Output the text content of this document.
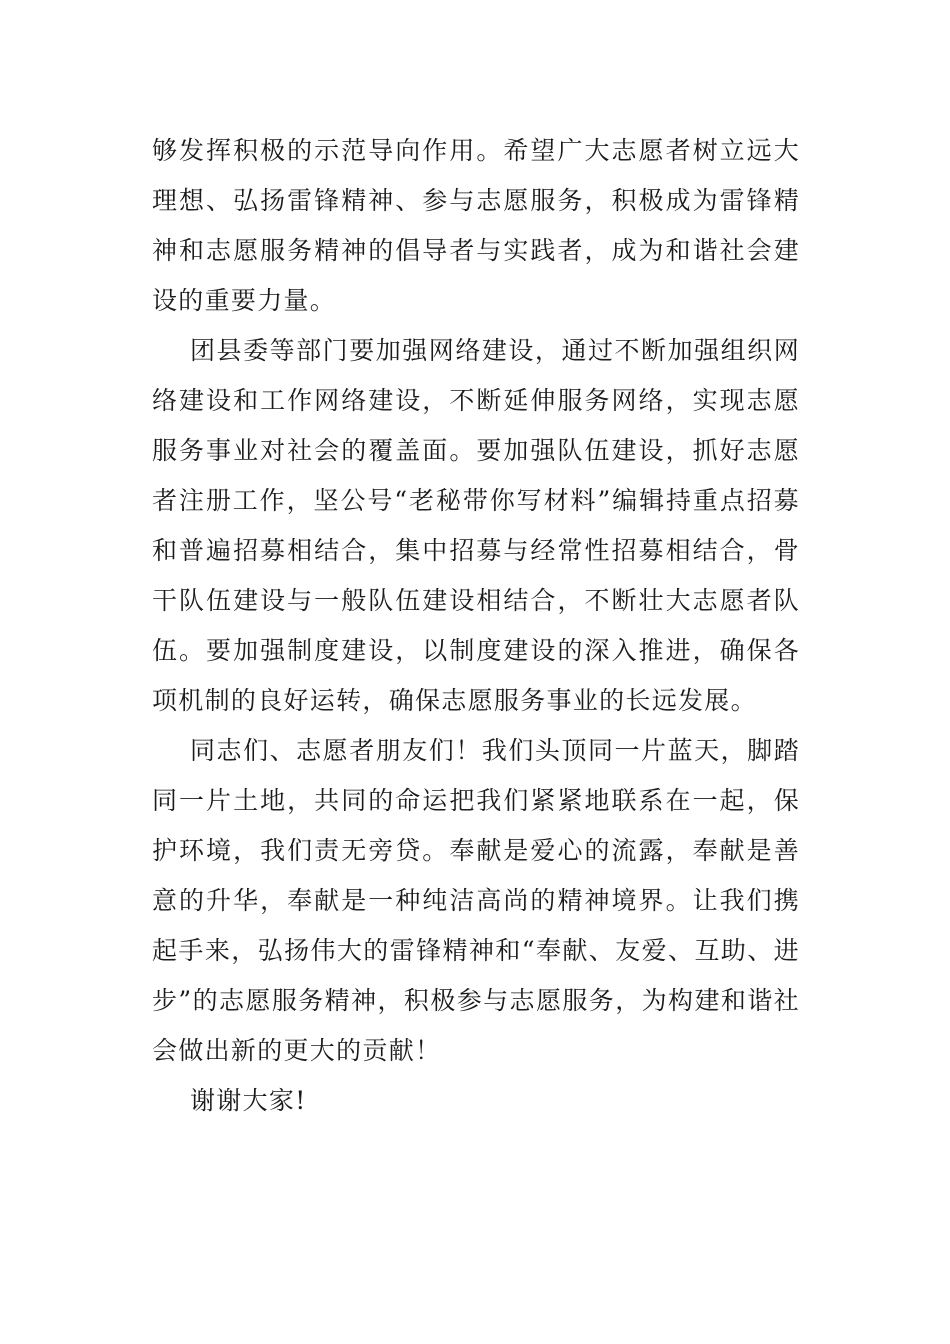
够发挥积极的示范导向作用。希望广大志愿者树立远大理想、弘扬雷锋精神、参与志愿服务，积极成为雷锋精神和志愿服务精神的倡导者与实践者，成为和谐社会建设的重要力量。

团县委等部门要加强网络建设，通过不断加强组织网络建设和工作网络建设，不断延伸服务网络，实现志愿服务事业对社会的覆盖面。要加强队伍建设，抓好志愿者注册工作，坚公号“老秘带你写材料”编辑持重点招募和普遍招募相结合，集中招募与经常性招募相结合，骨干队伍建设与一般队伍建设相结合，不断壮大志愿者队伍。要加强制度建设，以制度建设的深入推进，确保各项机制的良好运转，确保志愿服务事业的长远发展。

同志们、志愿者朋友们！我们头顶同一片蓝天，脚踏同一片土地，共同的命运把我们紧紧地联系在一起，保护环境，我们责无旁贷。奉献是爱心的流露，奉献是善意的升华，奉献是一种纯洁高尚的精神境界。让我们携起手来，弘扬伟大的雷锋精神和“奉献、友爱、互助、进步”的志愿服务精神，积极参与志愿服务，为构建和谐社会做出新的更大的贡献！

谢谢大家!
